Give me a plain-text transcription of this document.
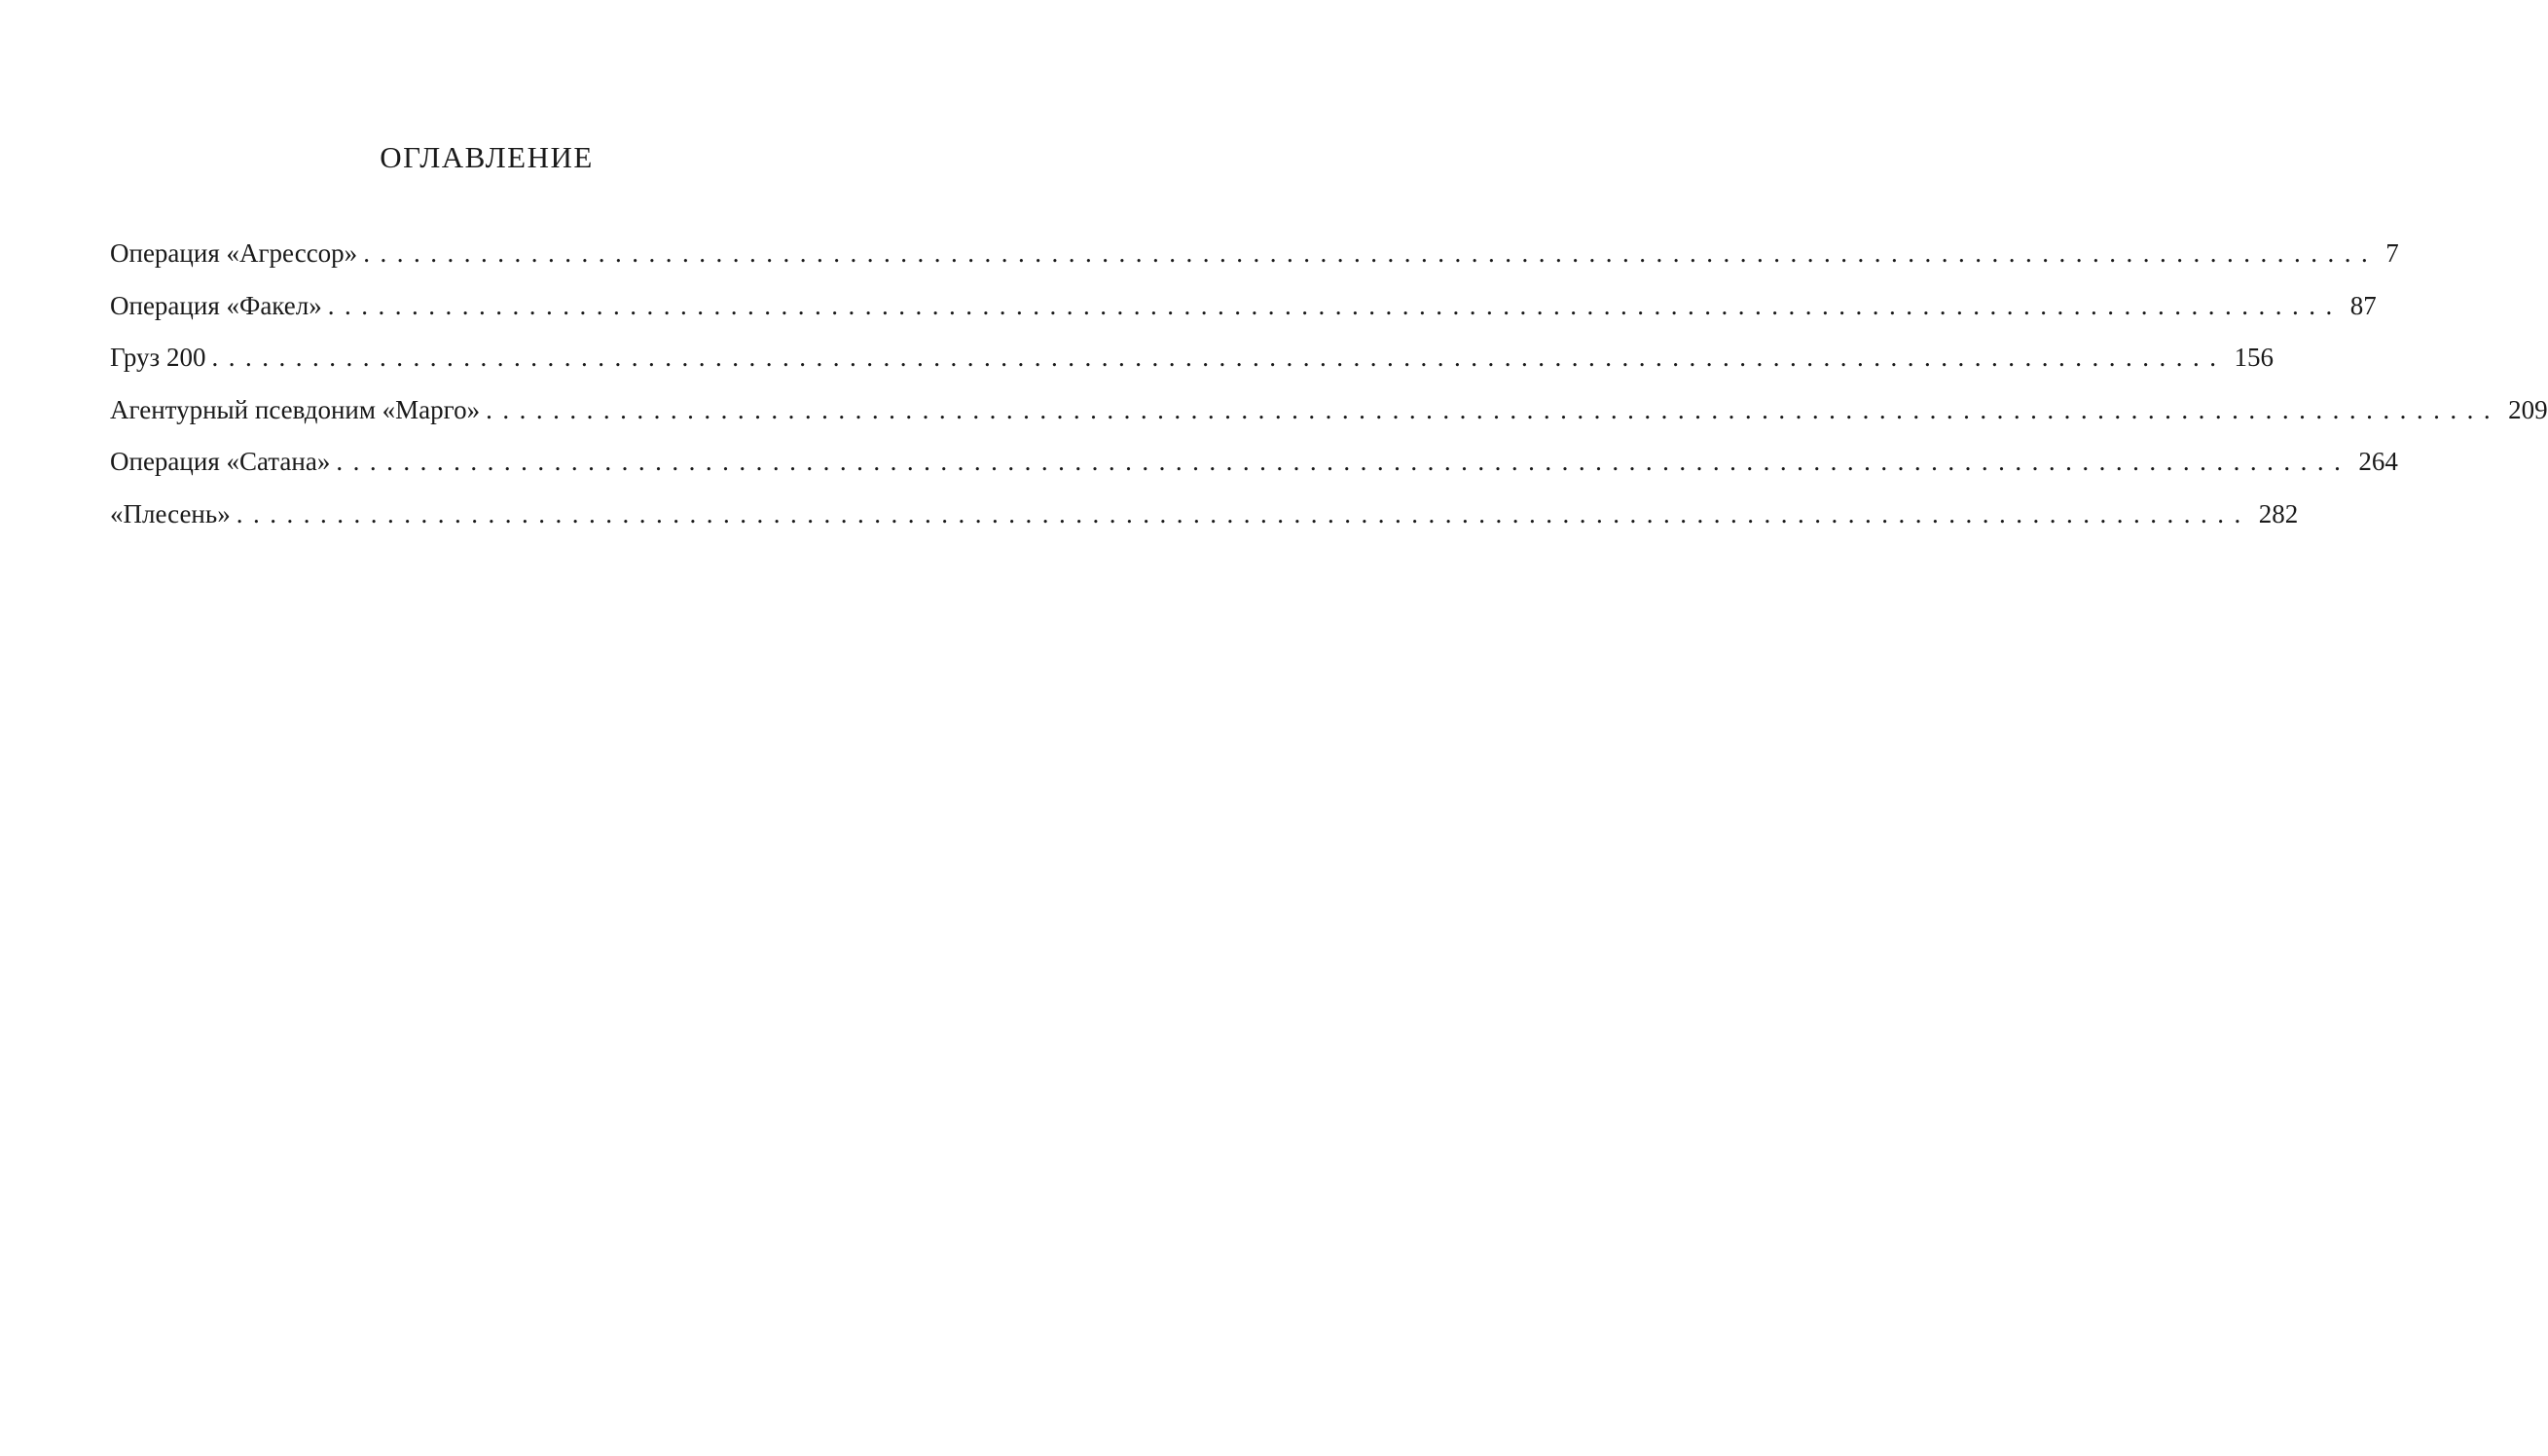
ОГЛАВЛЕНИЕ
Операция «Агрессор» ........................................................................................................................ 7
Операция «Факел» ........................................................................................................................ 87
Груз 200 ........................................................................................................................ 156
Агентурный псевдоним «Марго» ........................................................................................................................ 209
Операция «Сатана» ........................................................................................................................ 264
«Плесень» ........................................................................................................................ 282
